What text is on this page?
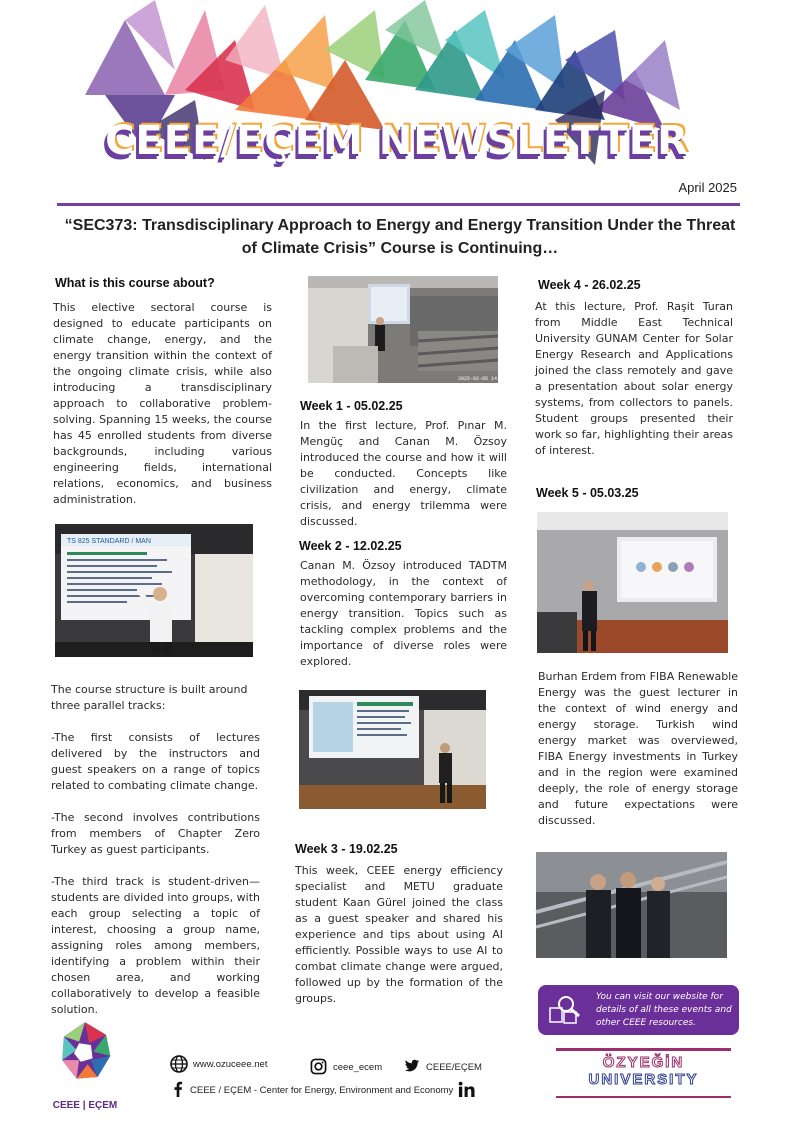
CEEE/EÇEM NEWSLETTER
April 2025
“SEC373: Transdisciplinary Approach to Energy and Energy Transition Under the Threat of Climate Crisis” Course is Continuing…
What is this course about?
This elective sectoral course is designed to educate participants on climate change, energy, and the energy transition within the context of the ongoing climate crisis, while also introducing a transdisciplinary approach to collaborative problem-solving. Spanning 15 weeks, the course has 45 enrolled students from diverse backgrounds, including various engineering fields, international relations, economics, and business administration.
TS 825 STANDARD / MAN
The course structure is built around three parallel tracks:
-The first consists of lectures delivered by the instructors and guest speakers on a range of topics related to combating climate change.
-The second involves contributions from members of Chapter Zero Turkey as guest participants.
-The third track is student-driven—students are divided into groups, with each group selecting a topic of interest, choosing a group name, assigning roles among members, identifying a problem within their chosen area, and working collaboratively to develop a feasible solution.
2025-02-05 14:12:07
Week 1 - 05.02.25
In the first lecture, Prof. Pınar M. Mengüç and Canan M. Özsoy introduced the course and how it will be conducted. Concepts like civilization and energy, climate crisis, and energy trilemma were discussed.
Week 2 - 12.02.25
Canan M. Özsoy introduced TADTM methodology, in the context of overcoming contemporary barriers in energy transition. Topics such as tackling complex problems and the importance of diverse roles were explored.
Week 3 - 19.02.25
This week, CEEE energy efficiency specialist and METU graduate student Kaan Gürel joined the class as a guest speaker and shared his experience and tips about using AI efficiently. Possible ways to use AI to combat climate change were argued, followed up by the formation of the groups.
Week 4 - 26.02.25
At this lecture, Prof. Raşit Turan from Middle East Technical University GUNAM Center for Solar Energy Research and Applications joined the class remotely and gave a presentation about solar energy systems, from collectors to panels. Student groups presented their work so far, highlighting their areas of interest.
Week 5 - 05.03.25
Burhan Erdem from FIBA Renewable Energy was the guest lecturer in the context of wind energy and energy storage. Turkish wind energy market was overviewed, FIBA Energy investments in Turkey and in the region were examined deeply, the role of energy storage and future expectations were discussed.
You can visit our website for details of all these events and other CEEE resources.
CEEE | EÇEM
www.ozuceee.net	ceee_ecem	CEEE/EÇEM
CEEE / EÇEM - Center for Energy, Environment and Economy
ÖZYEĞİN
UNIVERSITY
